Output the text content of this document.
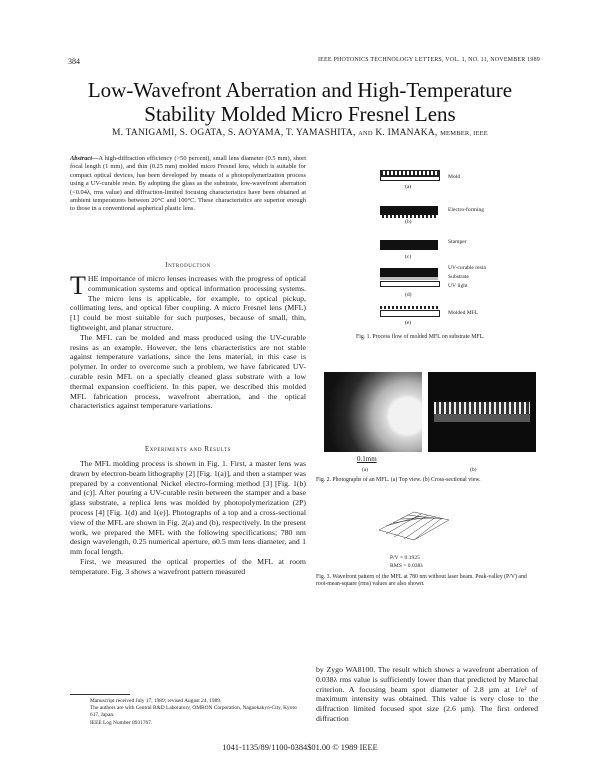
384	IEEE PHOTONICS TECHNOLOGY LETTERS, VOL. 1, NO. 11, NOVEMBER 1989
Low-Wavefront Aberration and High-Temperature
Stability Molded Micro Fresnel Lens
M. TANIGAMI, S. OGATA, S. AOYAMA, T. YAMASHITA, AND K. IMANAKA, MEMBER, IEEE
Abstract—A high-diffraction efficiency (>50 percent), small lens diameter (0.5 mm), short focal length (1 mm), and thin (0.25 mm) molded micro Fresnel lens, which is suitable for compact optical devices, has been developed by means of a photopolymerization process using a UV-curable resin. By adopting the glass as the substrate, low-wavefront aberration (<0.04λ, rms value) and diffraction-limited focusing characteristics have been obtained at ambient temperatures between 20°C and 100°C. These characteristics are superior enough to those in a conventional aspherical plastic lens.
Introduction

THE importance of micro lenses increases with the progress of optical communication systems and optical information processing systems. The micro lens is applicable, for example, to optical pickup, collimating lens, and optical fiber coupling. A micro Fresnel lens (MFL) [1] could be most suitable for such purposes, because of small, thin, lightweight, and planar structure.

The MFL can be molded and mass produced using the UV-curable resins as an example. However, the lens characteristics are not stable against temperature variations, since the lens material, in this case is polymer. In order to overcome such a problem, we have fabricated UV-curable resin MFL on a specially cleaned glass substrate with a low thermal expansion coefficient. In this paper, we described this molded MFL fabrication process, wavefront aberration, and the optical characteristics against temperature variations.

Experiments and Results

The MFL molding process is shown in Fig. 1. First, a master lens was drawn by electron-beam lithography [2] [Fig. 1(a)], and then a stamper was prepared by a conventional Nickel electro-forming method [3] [Fig. 1(b) and (c)]. After pouring a UV-curable resin between the stamper and a base glass substrate, a replica lens was molded by photopolymerization (2P) process [4] [Fig. 1(d) and 1(e)]. Photographs of a top and a cross-sectional view of the MFL are shown in Fig. 2(a) and (b), respectively. In the present work, we prepared the MFL with the following specifications; 780 nm design wavelength, 0.25 numerical aperture, ø0.5 mm lens diameter, and 1 mm focal length.

First, we measured the optical properties of the MFL at room temperature. Fig. 3 shows a wavefront pattern measured

Manuscript received July 17, 1989; revised August 24, 1989.
The authors are with Central R&D Laboratory, OMRON Corporation, Nagaokakyo-City, Kyoto 617, Japan.
IEEE Log Number 8931767.
by Zygo WA8100. The result which shows a wavefront aberration of 0.038λ rms value is sufficiently lower than that predicted by Marechal criterion. A focusing beam spot diameter of 2.8 µm at 1/e² of maximum intensity was obtained. This value is very close to the diffraction limited focused spot size (2.6 µm). The first ordered diffraction
1041-1135/89/1100-0384$01.00 © 1989 IEEE
Mold
Electro-forming
Stamper
UV-curable resin
Substrate
UV light
Molded MFL
(a)
(b)
(c)
(d)
(e)
Fig. 1. Process flow of molded MFL on substrate MFL.
0.1mm
(a)	(b)
Fig. 2. Photographs of an MFL. (a) Top view. (b) Cross-sectional view.
P/V = 0.1925
RMS = 0.038λ
Fig. 3. Wavefront pattern of the MFL at 780 nm without laser beam. Peak-valley (P/V) and root-mean-square (rms) values are also shown.
